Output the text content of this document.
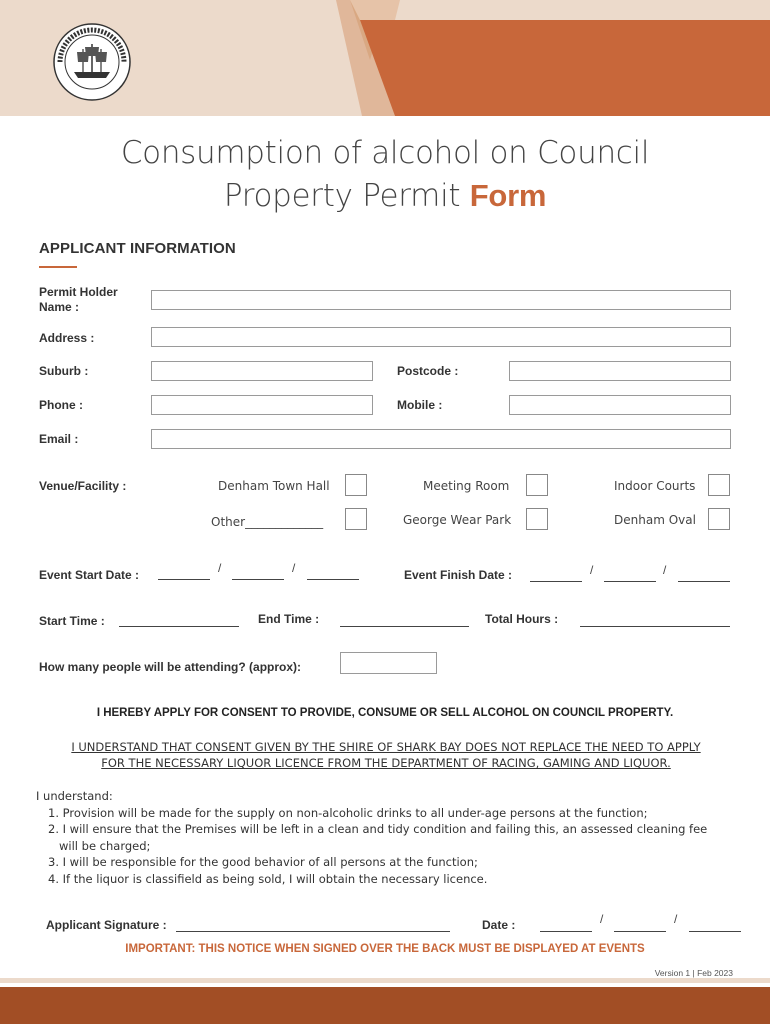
Consumption of alcohol on Council
Property Permit Form
APPLICANT INFORMATION
Permit Holder
Name :
Address :
Suburb :	Postcode :
Phone :	Mobile :
Email :
Venue/Facility :	Denham Town Hall	Meeting Room	Indoor Courts
Other_____________	George Wear Park	Denham Oval
Event Start Date :	/	/	Event Finish Date :	/	/
Start Time :	End Time :	Total Hours :
How many people will be attending? (approx):
I HEREBY APPLY FOR CONSENT TO PROVIDE, CONSUME OR SELL ALCOHOL ON COUNCIL PROPERTY.
I UNDERSTAND THAT CONSENT GIVEN BY THE SHIRE OF SHARK BAY DOES NOT REPLACE THE NEED TO APPLY
FOR THE NECESSARY LIQUOR LICENCE FROM THE DEPARTMENT OF RACING, GAMING AND LIQUOR.
I understand:
1. Provision will be made for the supply on non-alcoholic drinks to all under-age persons at the function;
2. I will ensure that the Premises will be left in a clean and tidy condition and failing this, an assessed cleaning fee
will be charged;
3. I will be responsible for the good behavior of all persons at the function;
4. If the liquor is classifield as being sold, I will obtain the necessary licence.
Applicant Signature :	Date :	/	/
IMPORTANT: THIS NOTICE WHEN SIGNED OVER THE BACK MUST BE DISPLAYED AT EVENTS
Version 1 | Feb 2023
